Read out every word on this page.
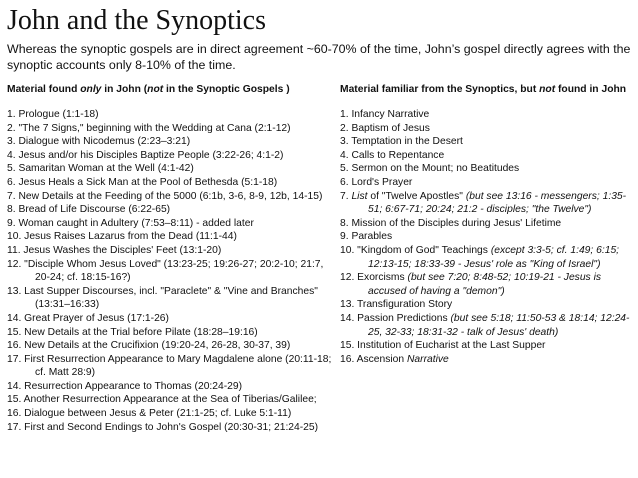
John and the Synoptics
Whereas the synoptic gospels are in direct agreement ~60-70% of the time, John’s gospel directly agrees with the synoptic accounts only 8-10% of the time.
Material found only in John (not in the Synoptic Gospels )
1. Prologue (1:1-18)
2. "The 7 Signs," beginning with the Wedding at Cana (2:1-12)
3. Dialogue with Nicodemus (2:23–3:21)
4. Jesus and/or his Disciples Baptize People (3:22-26; 4:1-2)
5. Samaritan Woman at the Well (4:1-42)
6. Jesus Heals a Sick Man at the Pool of Bethesda (5:1-18)
7. New Details at the Feeding of the 5000 (6:1b, 3-6, 8-9, 12b, 14-15)
8. Bread of Life Discourse (6:22-65)
9. Woman caught in Adultery (7:53–8:11) - added later
10. Jesus Raises Lazarus from the Dead (11:1-44)
11. Jesus Washes the Disciples' Feet (13:1-20)
12. "Disciple Whom Jesus Loved" (13:23-25; 19:26-27; 20:2-10; 21:7, 20-24; cf. 18:15-16?)
13. Last Supper Discourses, incl. "Paraclete" & "Vine and Branches" (13:31–16:33)
14. Great Prayer of Jesus (17:1-26)
15. New Details at the Trial before Pilate (18:28–19:16)
16. New Details at the Crucifixion (19:20-24, 26-28, 30-37, 39)
17. First Resurrection Appearance to Mary Magdalene alone (20:11-18; cf. Matt 28:9)
14. Resurrection Appearance to Thomas (20:24-29)
15. Another Resurrection Appearance at the Sea of Tiberias/Galilee;
16. Dialogue between Jesus & Peter (21:1-25; cf. Luke 5:1-11)
17. First and Second Endings to John's Gospel (20:30-31; 21:24-25)
Material familiar from the Synoptics, but not found in John
1. Infancy Narrative
2. Baptism of Jesus
3. Temptation in the Desert
4. Calls to Repentance
5. Sermon on the Mount; no Beatitudes
6. Lord's Prayer
7. List of "Twelve Apostles" (but see 13:16 - messengers; 1:35-51; 6:67-71; 20:24; 21:2 - disciples; "the Twelve")
8. Mission of the Disciples during Jesus' Lifetime
9. Parables
10. "Kingdom of God" Teachings (except 3:3-5; cf. 1:49; 6:15; 12:13-15; 18:33-39 - Jesus' role as "King of Israel")
12. Exorcisms (but see 7:20; 8:48-52; 10:19-21 - Jesus is accused of having a "demon")
13. Transfiguration Story
14. Passion Predictions (but see 5:18; 11:50-53 & 18:14; 12:24-25, 32-33; 18:31-32 - talk of Jesus' death)
15. Institution of Eucharist at the Last Supper
16. Ascension Narrative
